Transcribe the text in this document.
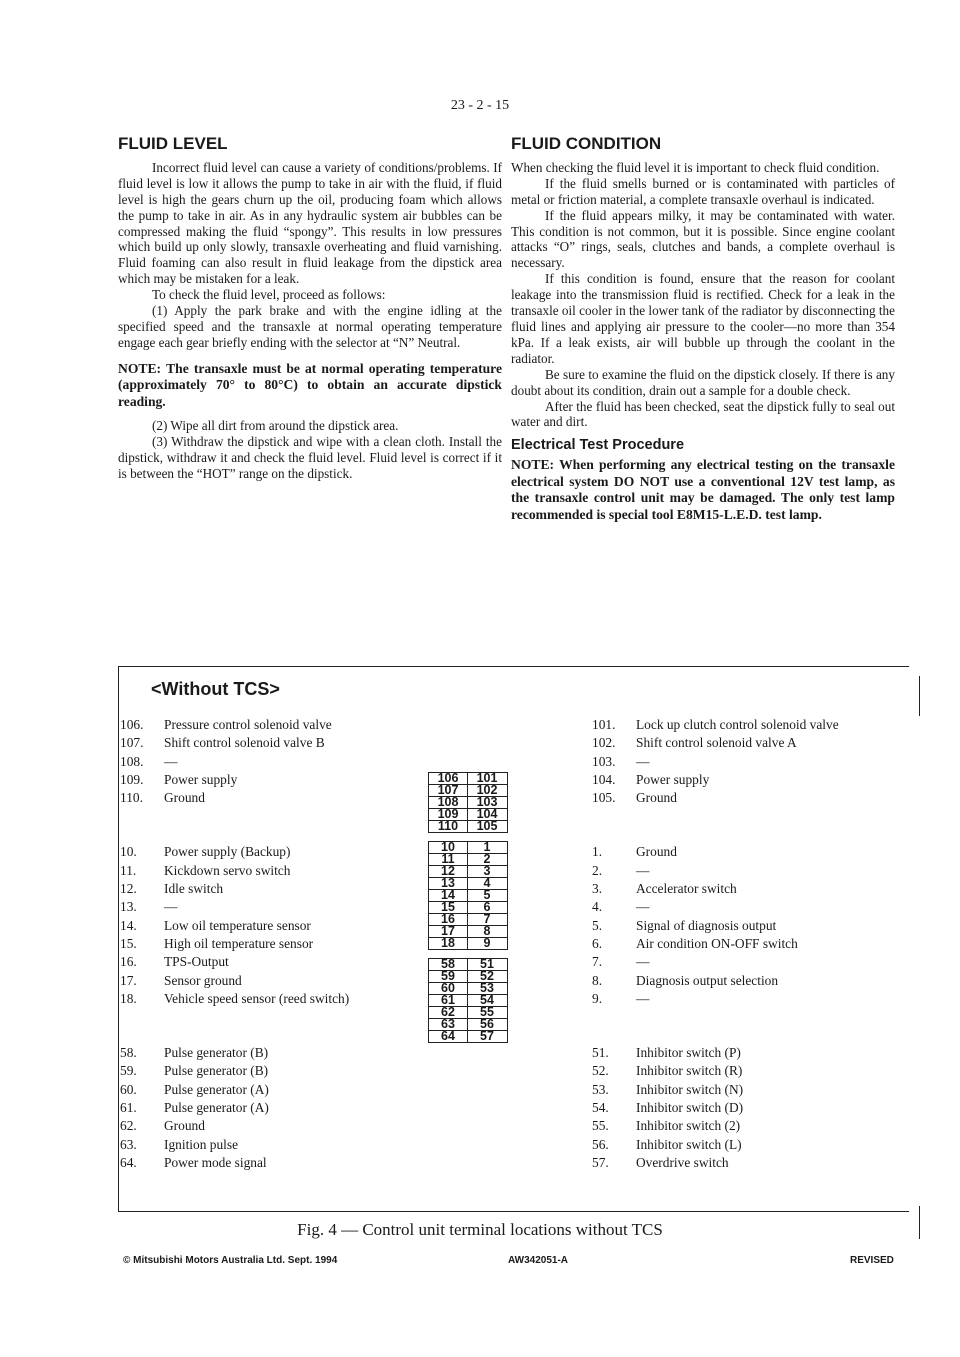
23 - 2 - 15
FLUID LEVEL

Incorrect fluid level can cause a variety of conditions/problems. If fluid level is low it allows the pump to take in air with the fluid, if fluid level is high the gears churn up the oil, producing foam which allows the pump to take in air. As in any hydraulic system air bubbles can be compressed making the fluid “spongy”. This results in low pressures which build up only slowly, transaxle overheating and fluid varnishing. Fluid foaming can also result in fluid leakage from the dipstick area which may be mistaken for a leak.

To check the fluid level, proceed as follows:

(1) Apply the park brake and with the engine idling at the specified speed and the transaxle at normal operating temperature engage each gear briefly ending with the selector at “N” Neutral.

NOTE: The transaxle must be at normal operating temperature (approximately 70° to 80°C) to obtain an accurate dipstick reading.

(2) Wipe all dirt from around the dipstick area.

(3) Withdraw the dipstick and wipe with a clean cloth. Install the dipstick, withdraw it and check the fluid level. Fluid level is correct if it is between the “HOT” range on the dipstick.

FLUID CONDITION

When checking the fluid level it is important to check fluid condition.

If the fluid smells burned or is contaminated with particles of metal or friction material, a complete transaxle overhaul is indicated.

If the fluid appears milky, it may be contaminated with water. This condition is not common, but it is possible. Since engine coolant attacks “O” rings, seals, clutches and bands, a complete overhaul is necessary.

If this condition is found, ensure that the reason for coolant leakage into the transmission fluid is rectified. Check for a leak in the transaxle oil cooler in the lower tank of the radiator by disconnecting the fluid lines and applying air pressure to the cooler—no more than 354 kPa. If a leak exists, air will bubble up through the coolant in the radiator.

Be sure to examine the fluid on the dipstick closely. If there is any doubt about its condition, drain out a sample for a double check.

After the fluid has been checked, seat the dipstick fully to seal out water and dirt.

Electrical Test Procedure
NOTE: When performing any electrical testing on the transaxle electrical system DO NOT use a conventional 12V test lamp, as the transaxle control unit may be damaged. The only test lamp recommended is special tool E8M15-L.E.D. test lamp.
<Without TCS>
106.	Pressure control solenoid valve
107.	Shift control solenoid valve B
108.	—
109.	Power supply
110.	Ground
10.	Power supply (Backup)
11.	Kickdown servo switch
12.	Idle switch
13.	—
14.	Low oil temperature sensor
15.	High oil temperature sensor
16.	TPS-Output
17.	Sensor ground
18.	Vehicle speed sensor (reed switch)
58.	Pulse generator (B)
59.	Pulse generator (B)
60.	Pulse generator (A)
61.	Pulse generator (A)
62.	Ground
63.	Ignition pulse
64.	Power mode signal
101.	Lock up clutch control solenoid valve
102.	Shift control solenoid valve A
103.	—
104.	Power supply
105.	Ground
1.	Ground
2.	—
3.	Accelerator switch
4.	—
5.	Signal of diagnosis output
6.	Air condition ON-OFF switch
7.	—
8.	Diagnosis output selection
9.	—
51.	Inhibitor switch (P)
52.	Inhibitor switch (R)
53.	Inhibitor switch (N)
54.	Inhibitor switch (D)
55.	Inhibitor switch (2)
56.	Inhibitor switch (L)
57.	Overdrive switch
106	101
107	102
108	103
109	104
110	105
10	1
11	2
12	3
13	4
14	5
15	6
16	7
17	8
18	9
58	51
59	52
60	53
61	54
62	55
63	56
64	57
Fig. 4 — Control unit terminal locations without TCS
© Mitsubishi Motors Australia Ltd. Sept. 1994	AW342051-A	REVISED
